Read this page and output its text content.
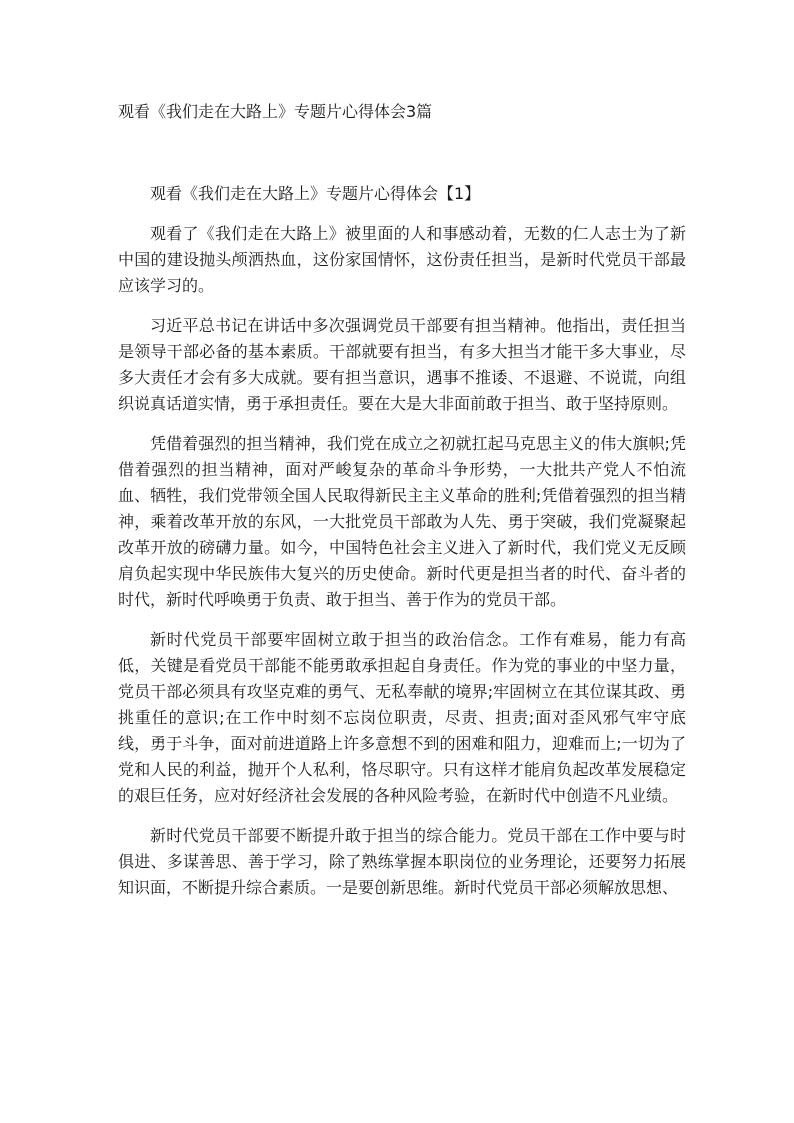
观看《我们走在大路上》专题片心得体会3篇

观看《我们走在大路上》专题片心得体会【1】

观看了《我们走在大路上》被里面的人和事感动着，无数的仁人志士为了新中国的建设抛头颅洒热血，这份家国情怀，这份责任担当，是新时代党员干部最应该学习的。

习近平总书记在讲话中多次强调党员干部要有担当精神。他指出，责任担当是领导干部必备的基本素质。干部就要有担当，有多大担当才能干多大事业，尽多大责任才会有多大成就。要有担当意识，遇事不推诿、不退避、不说谎，向组织说真话道实情，勇于承担责任。要在大是大非面前敢于担当、敢于坚持原则。

凭借着强烈的担当精神，我们党在成立之初就扛起马克思主义的伟大旗帜;凭借着强烈的担当精神，面对严峻复杂的革命斗争形势，一大批共产党人不怕流血、牺牲，我们党带领全国人民取得新民主主义革命的胜利;凭借着强烈的担当精神，乘着改革开放的东风，一大批党员干部敢为人先、勇于突破，我们党凝聚起改革开放的磅礴力量。如今，中国特色社会主义进入了新时代，我们党义无反顾肩负起实现中华民族伟大复兴的历史使命。新时代更是担当者的时代、奋斗者的时代，新时代呼唤勇于负责、敢于担当、善于作为的党员干部。

新时代党员干部要牢固树立敢于担当的政治信念。工作有难易，能力有高低，关键是看党员干部能不能勇敢承担起自身责任。作为党的事业的中坚力量，党员干部必须具有攻坚克难的勇气、无私奉献的境界;牢固树立在其位谋其政、勇挑重任的意识;在工作中时刻不忘岗位职责，尽责、担责;面对歪风邪气牢守底线，勇于斗争，面对前进道路上许多意想不到的困难和阻力，迎难而上;一切为了党和人民的利益，抛开个人私利，恪尽职守。只有这样才能肩负起改革发展稳定的艰巨任务，应对好经济社会发展的各种风险考验，在新时代中创造不凡业绩。

新时代党员干部要不断提升敢于担当的综合能力。党员干部在工作中要与时俱进、多谋善思、善于学习，除了熟练掌握本职岗位的业务理论，还要努力拓展知识面，不断提升综合素质。一是要创新思维。新时代党员干部必须解放思想、
